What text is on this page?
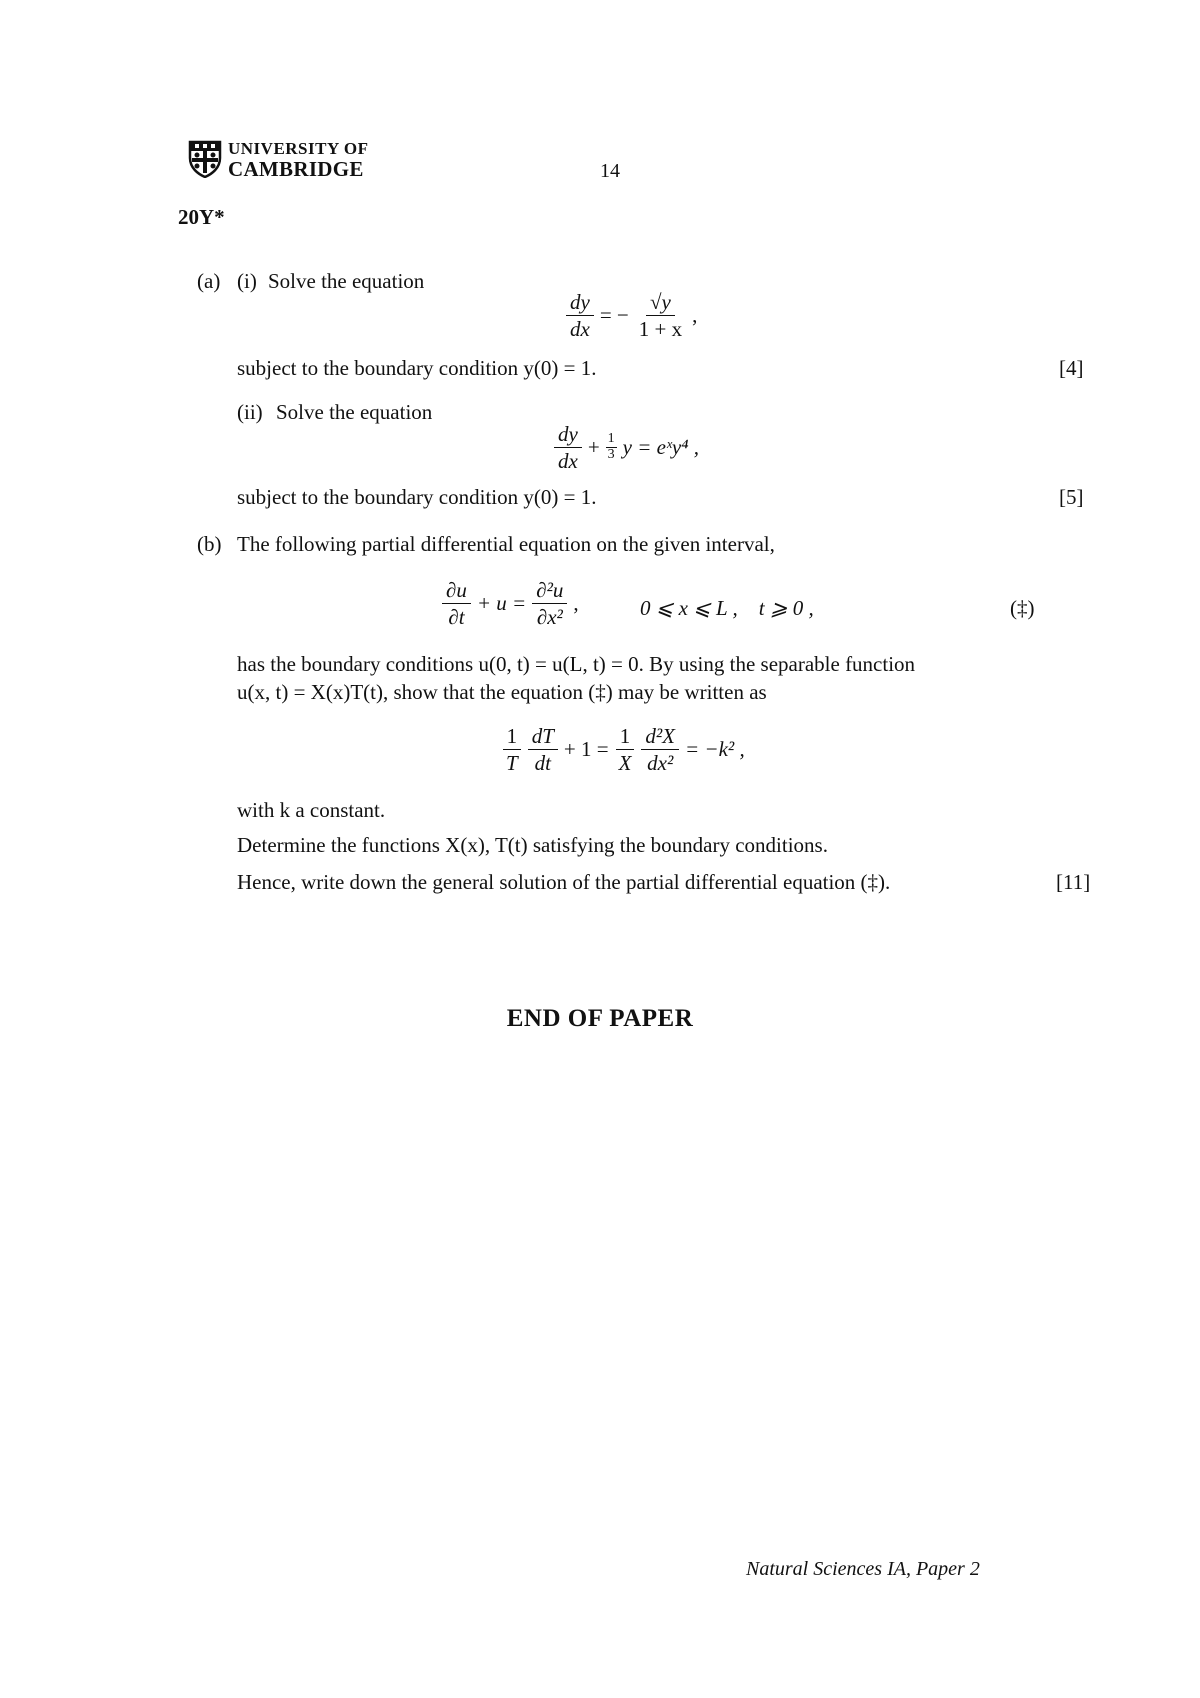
UNIVERSITY OF
CAMBRIDGE	14
20Y*
(a) (i) Solve the equation
$\frac{dy}{dx}$ = − $\frac{√y}{1 + x}$ ,
subject to the boundary condition y(0) = 1.	[4]
(ii) Solve the equation
$\frac{dy}{dx} + \frac{1}{3}$ y = eˣy⁴ ,
subject to the boundary condition y(0) = 1.	[5]
(b) The following partial differential equation on the given interval,
$\frac{\partial u}{\partial t} + u = \frac{\text{∂²u}}{\text{∂x²}}$ ,	0 ⩽ x ⩽ L ,    t ⩾ 0 ,	(‡)
has the boundary conditions u(0, t) = u(L, t) = 0. By using the separable function
u(x, t) = X(x)T(t), show that the equation (‡) may be written as
$\frac{1}{T} \frac{dT}{dt} + 1 = \frac{1}{X} \frac{\text{d²X}}{\text{dx²}} = -k^2$ ,
with k a constant.
Determine the functions X(x), T(t) satisfying the boundary conditions.
Hence, write down the general solution of the partial differential equation (‡).	[11]
END OF PAPER
Natural Sciences IA, Paper 2
